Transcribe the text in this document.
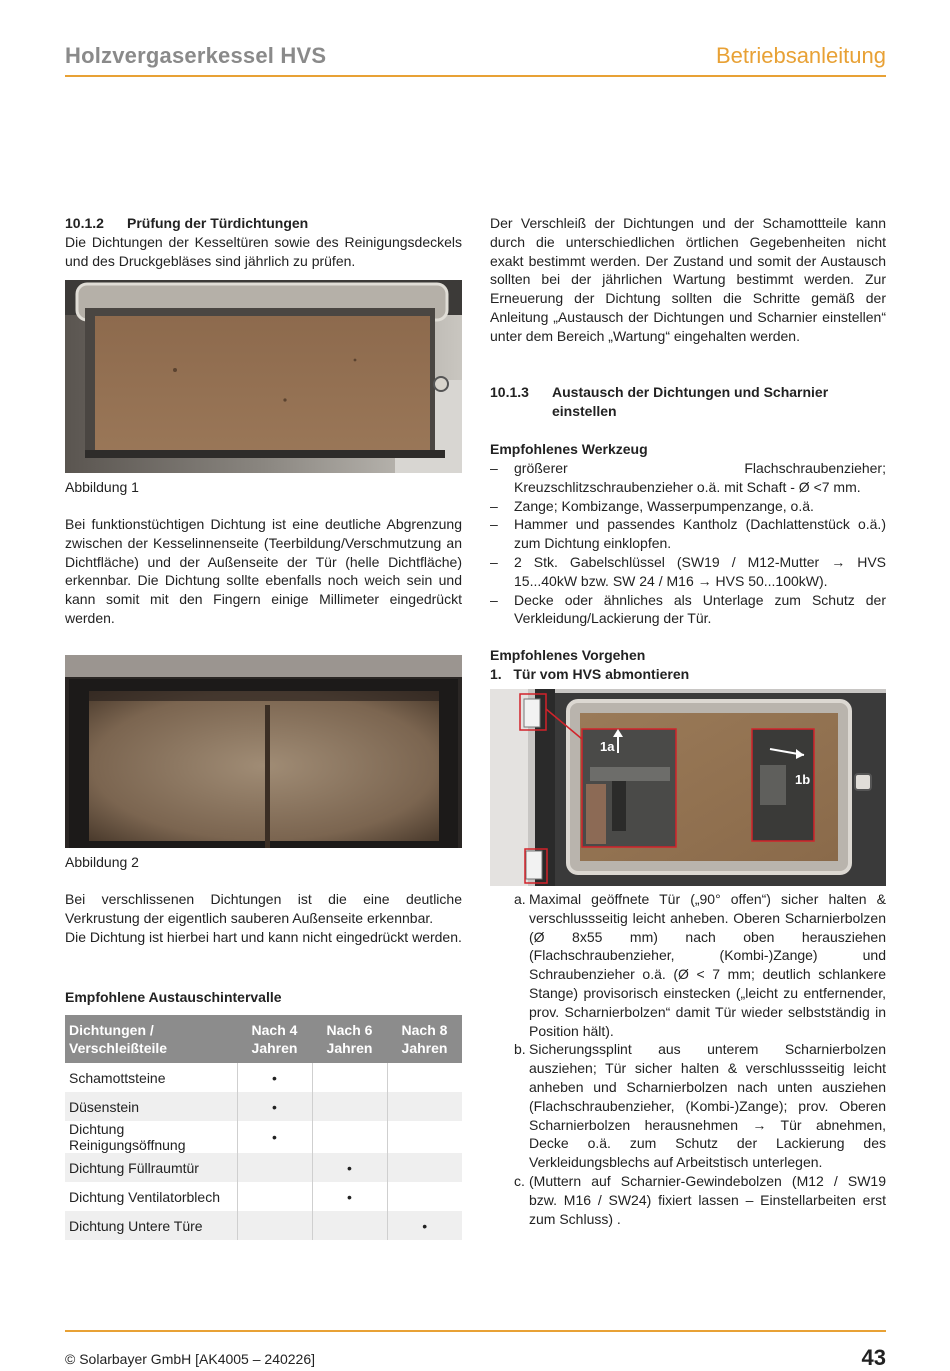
Holzvergaserkessel HVS	Betriebsanleitung
10.1.2 Prüfung der Türdichtungen
Die Dichtungen der Kesseltüren sowie des Reinigungsdeckels und des Druckgebläses sind jährlich zu prüfen.
Abbildung 1
Bei funktionstüchtigen Dichtung ist eine deutliche Abgrenzung zwischen der Kesselinnenseite (Teerbildung/Verschmutzung an Dichtfläche) und der Außenseite der Tür (helle Dichtfläche) erkennbar. Die Dichtung sollte ebenfalls noch weich sein und kann somit mit den Fingern einige Millimeter eingedrückt werden.
Abbildung 2
Bei verschlissenen Dichtungen ist die eine deutliche Verkrustung der eigentlich sauberen Außenseite erkennbar.
Die Dichtung ist hierbei hart und kann nicht eingedrückt werden.
Empfohlene Austauschintervalle
Dichtungen / Verschleißteile	Nach 4 Jahren	Nach 6 Jahren	Nach 8 Jahren
Schamottsteine	•		
Düsenstein	•		
Dichtung Reinigungsöffnung	•		
Dichtung Füllraumtür		•	
Dichtung Ventilatorblech		•	
Dichtung Untere Türe			•
Der Verschleiß der Dichtungen und der Schamottteile kann durch die unterschiedlichen örtlichen Gegebenheiten nicht exakt bestimmt werden. Der Zustand und somit der Austausch sollten bei der jährlichen Wartung bestimmt werden. Zur Erneuerung der Dichtung sollten die Schritte gemäß der Anleitung „Austausch der Dichtungen und Scharnier einstellen“ unter dem Bereich „Wartung“ eingehalten werden.
10.1.3 Austausch der Dichtungen und Scharnier
einstellen
Empfohlenes Werkzeug
– größerer Flachschraubenzieher; Kreuzschlitzschraubenzieher o.ä. mit Schaft - Ø <7 mm.
– Zange; Kombizange, Wasserpumpenzange, o.ä.
– Hammer und passendes Kantholz (Dachlattenstück o.ä.) zum Dichtung einklopfen.
– 2 Stk. Gabelschlüssel (SW19 / M12-Mutter → HVS 15...40kW bzw. SW 24 / M16 → HVS 50...100kW).
– Decke oder ähnliches als Unterlage zum Schutz der Verkleidung/Lackierung der Tür.
Empfohlenes Vorgehen
1.   Tür vom HVS abmontieren
1a
1b
a. Maximal geöffnete Tür („90° offen“) sicher halten & verschlussseitig leicht anheben. Oberen Scharnierbolzen (Ø 8x55 mm) nach oben herausziehen (Flachschraubenzieher, (Kombi-)Zange) und Schraubenzieher o.ä. (Ø < 7 mm; deutlich schlankere Stange) provisorisch einstecken („leicht zu entfernender, prov. Scharnierbolzen“ damit Tür wieder selbstständig in Position hält).
b. Sicherungssplint aus unterem Scharnierbolzen ausziehen; Tür sicher halten & verschlussseitig leicht anheben und Scharnierbolzen nach unten ausziehen (Flachschraubenzieher, (Kombi-)Zange); prov. Oberen Scharnierbolzen herausnehmen → Tür abnehmen, Decke o.ä. zum Schutz der Lackierung des Verkleidungsblechs auf Arbeitstisch unterlegen.
c. (Muttern auf Scharnier-Gewindebolzen (M12 / SW19 bzw. M16 / SW24) fixiert lassen – Einstellarbeiten erst zum Schluss) .
© Solarbayer GmbH [AK4005 – 240226]	43
